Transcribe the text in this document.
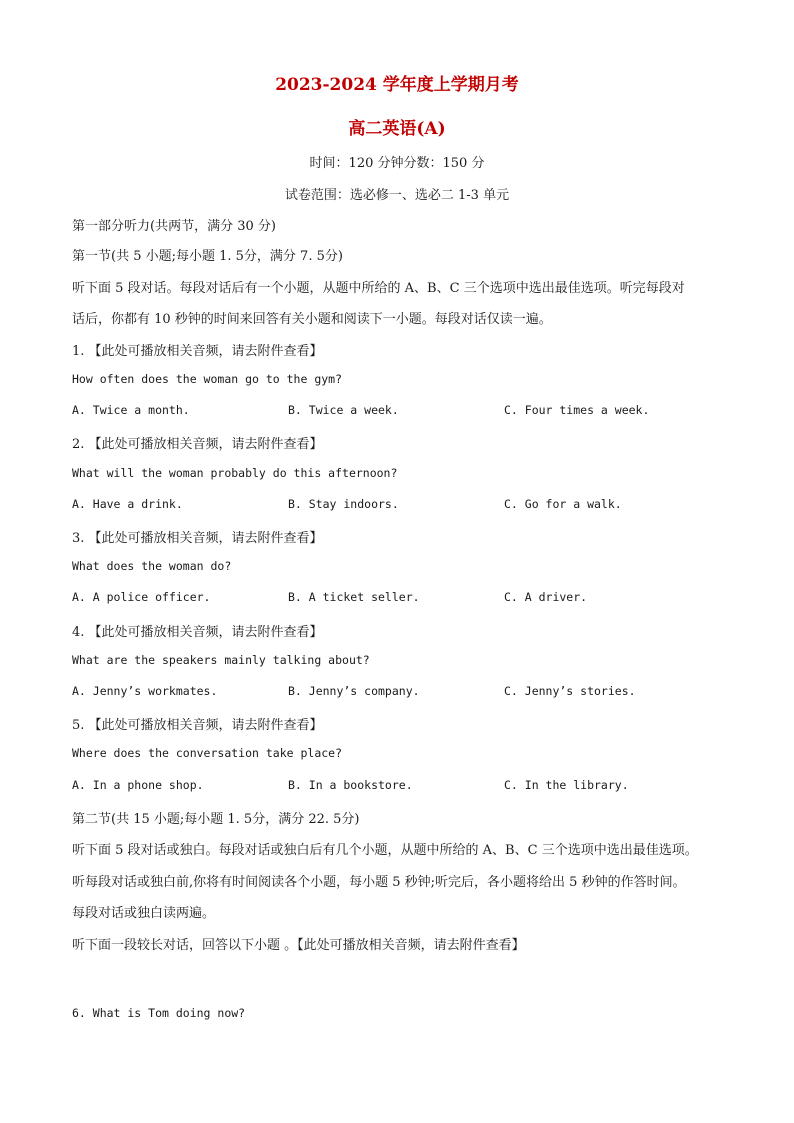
2023-2024 学年度上学期月考
高二英语(A)
时间：120 分钟分数：150 分
试卷范围：选必修一、选必二 1-3 单元
第一部分听力(共两节，满分 30 分)
第一节(共 5 小题;每小题 1. 5分，满分 7. 5分)
听下面 5 段对话。每段对话后有一个小题，从题中所给的 A、B、C 三个选项中选出最佳选项。听完每段对
话后，你都有 10 秒钟的时间来回答有关小题和阅读下一小题。每段对话仅读一遍。
1. 【此处可播放相关音频，请去附件查看】
How often does the woman go to the gym?
A. Twice a month.	B. Twice a week.	C. Four times a week.
2. 【此处可播放相关音频，请去附件查看】
What will the woman probably do this afternoon?
A. Have a drink.	B. Stay indoors.	C. Go for a walk.
3. 【此处可播放相关音频，请去附件查看】
What does the woman do?
A. A police officer.	B. A ticket seller.	C. A driver.
4. 【此处可播放相关音频，请去附件查看】
What are the speakers mainly talking about?
A. Jenny’s workmates.	B. Jenny’s company.	C. Jenny’s stories.
5. 【此处可播放相关音频，请去附件查看】
Where does the conversation take place?
A. In a phone shop.	B. In a bookstore.	C. In the library.
第二节(共 15 小题;每小题 1. 5分，满分 22. 5分)
听下面 5 段对话或独白。每段对话或独白后有几个小题，从题中所给的 A、B、C 三个选项中选出最佳选项。
听每段对话或独白前,你将有时间阅读各个小题，每小题 5 秒钟;听完后，各小题将给出 5 秒钟的作答时间。
每段对话或独白读两遍。
听下面一段较长对话，回答以下小题 。【此处可播放相关音频，请去附件查看】
6. What is Tom doing now?
